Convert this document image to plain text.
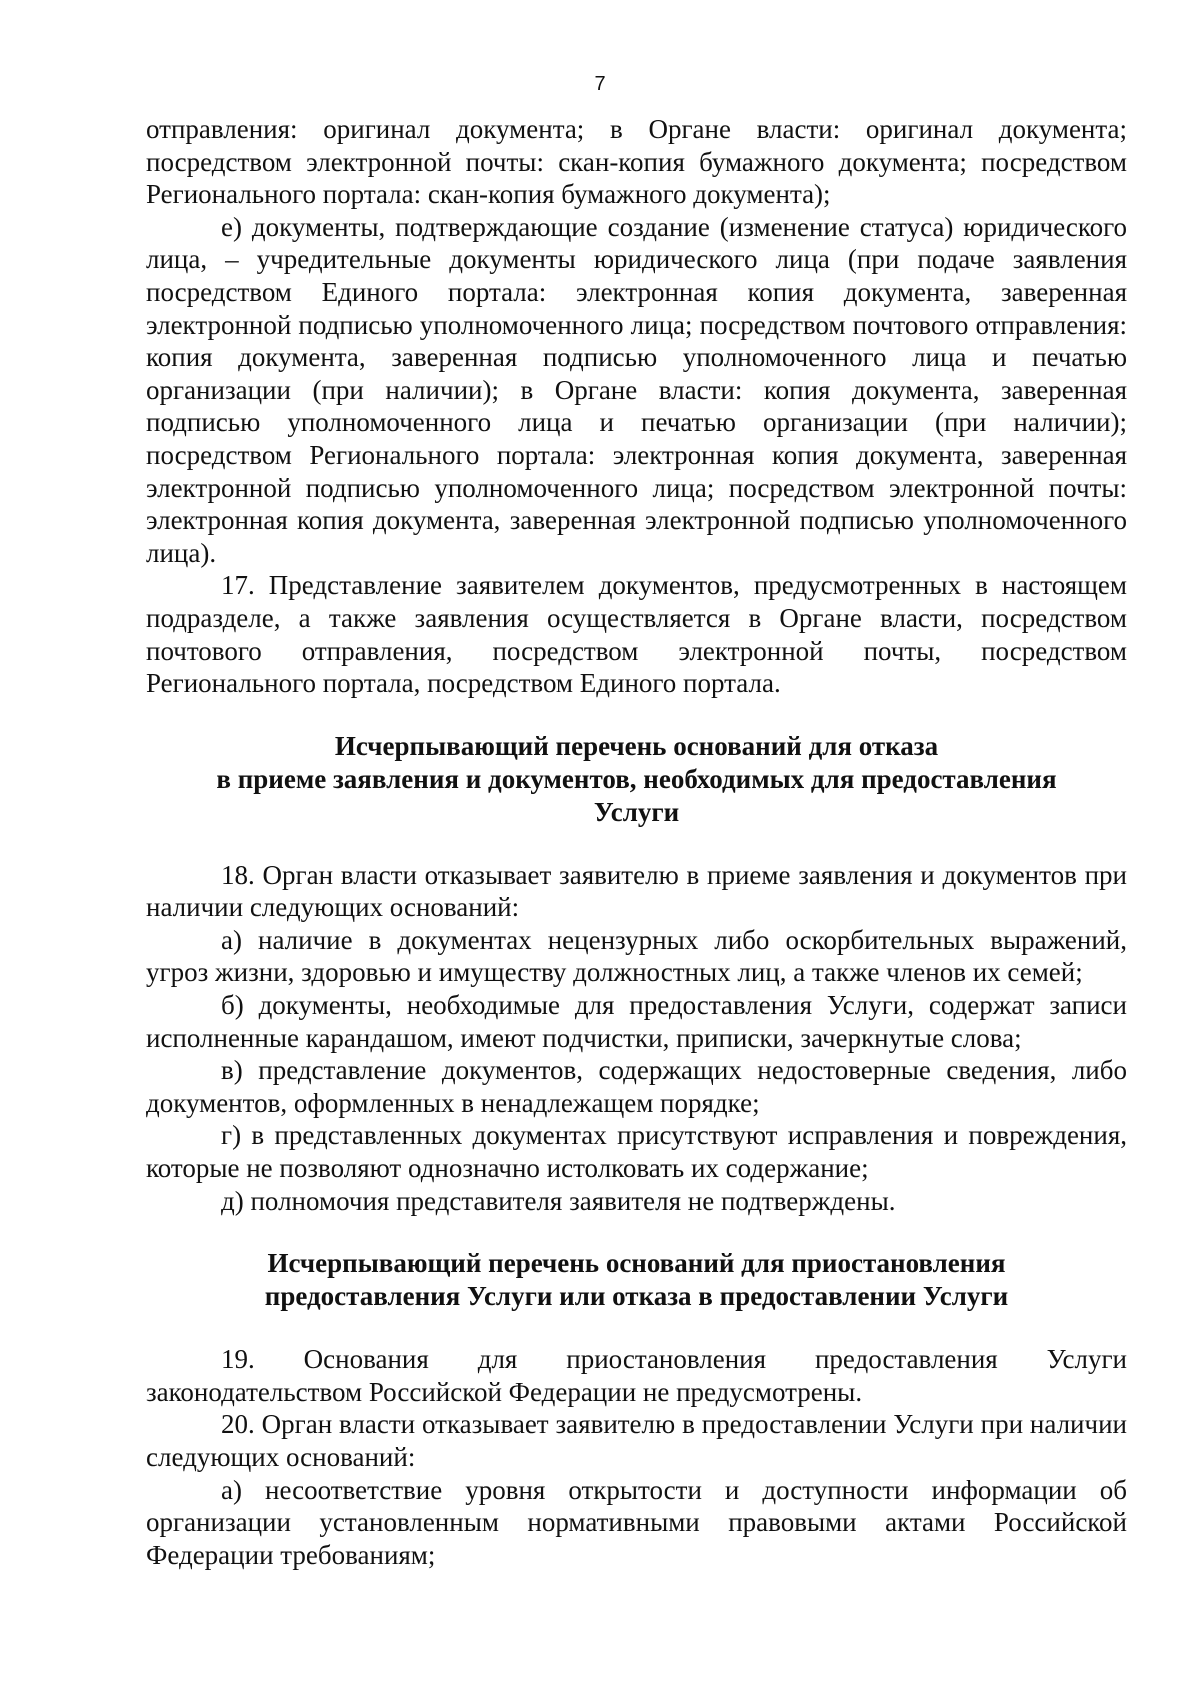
7

отправления: оригинал документа; в Органе власти: оригинал документа; посредством электронной почты: скан-копия бумажного документа; посредством Регионального портала: скан-копия бумажного документа);

е) документы, подтверждающие создание (изменение статуса) юридического лица, – учредительные документы юридического лица (при подаче заявления посредством Единого портала: электронная копия документа, заверенная электронной подписью уполномоченного лица; посредством почтового отправления: копия документа, заверенная подписью уполномоченного лица и печатью организации (при наличии); в Органе власти: копия документа, заверенная подписью уполномоченного лица и печатью организации (при наличии); посредством Регионального портала: электронная копия документа, заверенная электронной подписью уполномоченного лица; посредством электронной почты: электронная копия документа, заверенная электронной подписью уполномоченного лица).

17. Представление заявителем документов, предусмотренных в настоящем подразделе, а также заявления осуществляется в Органе власти, посредством почтового отправления, посредством электронной почты, посредством Регионального портала, посредством Единого портала.

Исчерпывающий перечень оснований для отказа

в приеме заявления и документов, необходимых для предоставления

Услуги

18. Орган власти отказывает заявителю в приеме заявления и документов при наличии следующих оснований:

а) наличие в документах нецензурных либо оскорбительных выражений, угроз жизни, здоровью и имуществу должностных лиц, а также членов их семей;

б) документы, необходимые для предоставления Услуги, содержат записи исполненные карандашом, имеют подчистки, приписки, зачеркнутые слова;

в) представление документов, содержащих недостоверные сведения, либо документов, оформленных в ненадлежащем порядке;

г) в представленных документах присутствуют исправления и повреждения, которые не позволяют однозначно истолковать их содержание;

д) полномочия представителя заявителя не подтверждены.

Исчерпывающий перечень оснований для приостановления

предоставления Услуги или отказа в предоставлении Услуги

19. Основания для приостановления предоставления Услуги законодательством Российской Федерации не предусмотрены.

20. Орган власти отказывает заявителю в предоставлении Услуги при наличии следующих оснований:

а) несоответствие уровня открытости и доступности информации об организации установленным нормативными правовыми актами Российской Федерации требованиям;
